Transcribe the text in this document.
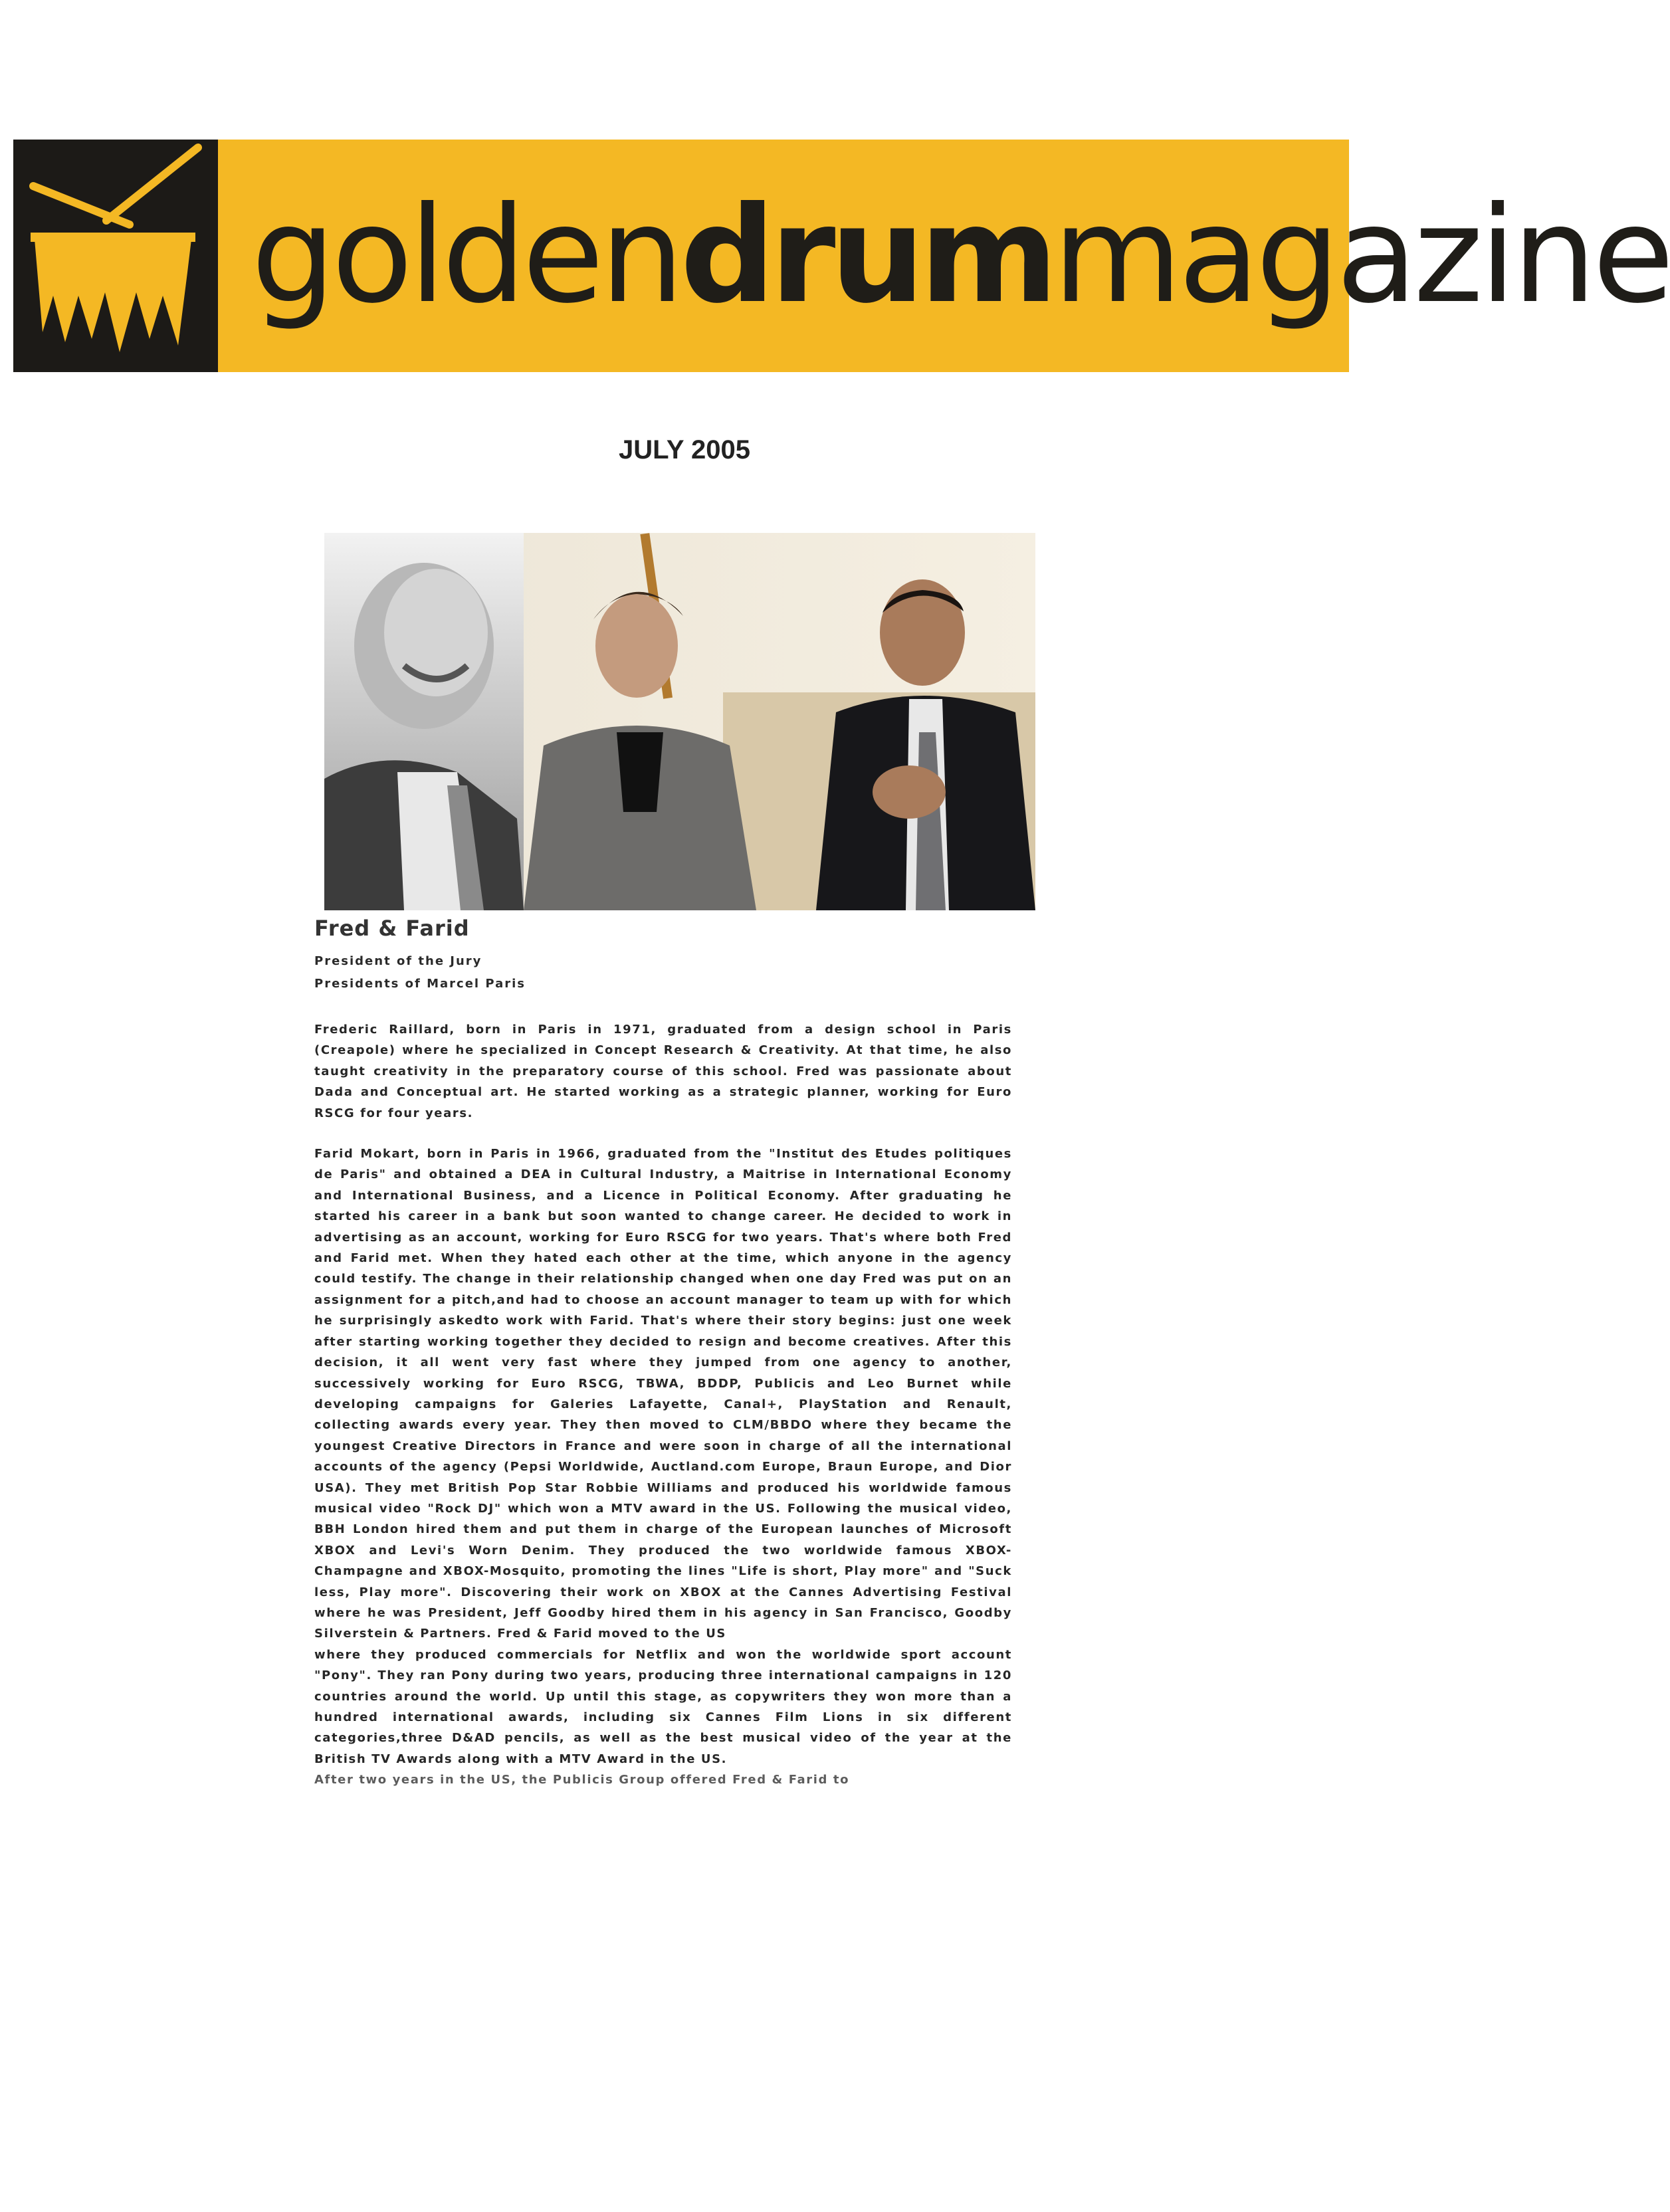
goldendrummagazine
JULY 2005
Fred & Farid
President of the Jury
Presidents of Marcel Paris

Frederic Raillard, born in Paris in 1971, graduated from a design school in Paris (Creapole) where he specialized in Concept Research & Creativity. At that time, he also taught creativity in the preparatory course of this school. Fred was passionate about Dada and Conceptual art. He started working as a strategic planner, working for Euro RSCG for four years.

Farid Mokart, born in Paris in 1966, graduated from the "Institut des Etudes politiques de Paris" and obtained a DEA in Cultural Industry, a Maitrise in International Economy and International Business, and a Licence in Political Economy. After graduating he started his career in a bank but soon wanted to change career. He decided to work in advertising as an account, working for Euro RSCG for two years. That's where both Fred and Farid met. When they hated each other at the time, which anyone in the agency could testify. The change in their relationship changed when one day Fred was put on an assignment for a pitch,and had to choose an account manager to team up with for which he surprisingly askedto work with Farid. That's where their story begins: just one week after starting working together they decided to resign and become creatives. After this decision, it all went very fast where they jumped from one agency to another, successively working for Euro RSCG, TBWA, BDDP, Publicis and Leo Burnet while developing campaigns for Galeries Lafayette, Canal+, PlayStation and Renault, collecting awards every year. They then moved to CLM/BBDO where they became the youngest Creative Directors in France and were soon in charge of all the international accounts of the agency (Pepsi Worldwide, Auctland.com Europe, Braun Europe, and Dior USA). They met British Pop Star Robbie Williams and produced his worldwide famous musical video "Rock DJ" which won a MTV award in the US. Following the musical video, BBH London hired them and put them in charge of the European launches of Microsoft XBOX and Levi's Worn Denim. They produced the two worldwide famous XBOX-Champagne and XBOX-Mosquito, promoting the lines "Life is short, Play more" and "Suck less, Play more". Discovering their work on XBOX at the Cannes Advertising Festival where he was President, Jeff Goodby hired them in his agency in San Francisco, Goodby Silverstein & Partners. Fred & Farid moved to the US

where they produced commercials for Netflix and won the worldwide sport account "Pony". They ran Pony during two years, producing three international campaigns in 120 countries around the world. Up until this stage, as copywriters they won more than a hundred international awards, including six Cannes Film Lions in six different categories,three D&AD pencils, as well as the best musical video of the year at the British TV Awards along with a MTV Award in the US.

After two years in the US, the Publicis Group offered Fred & Farid to
